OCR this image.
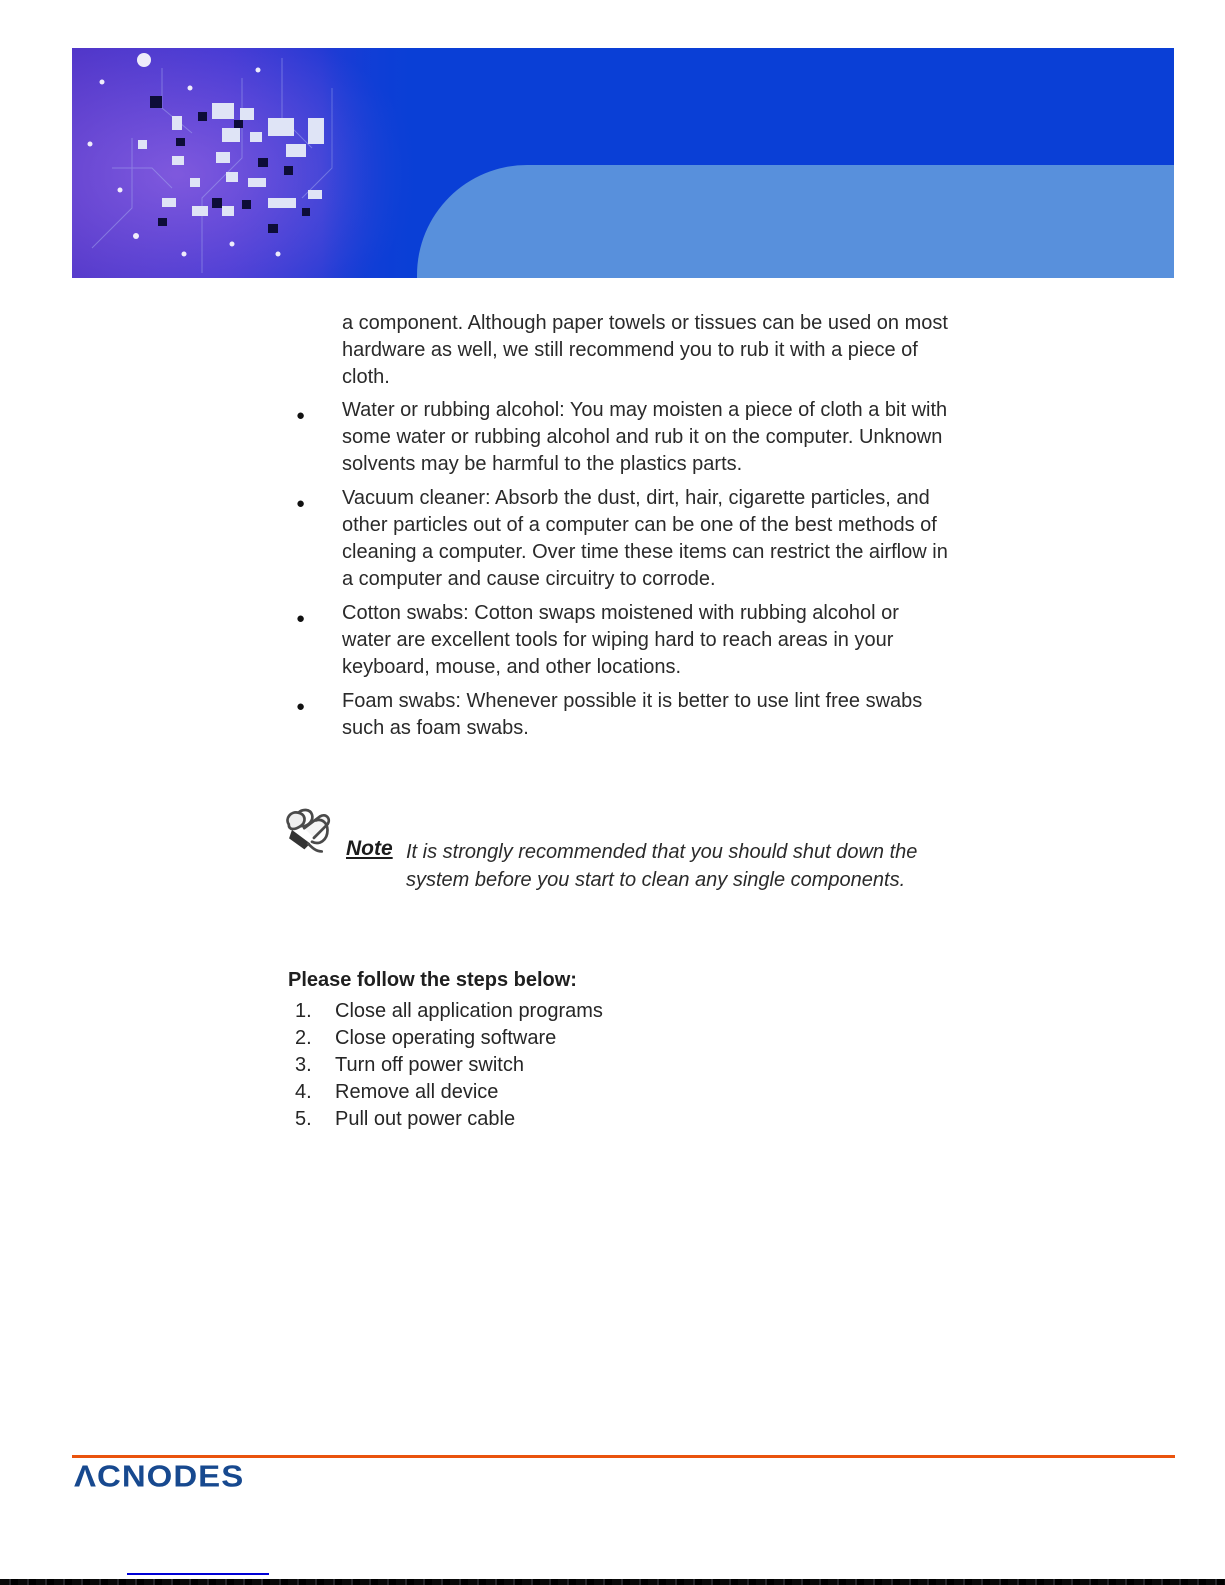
a component. Although paper towels or tissues can be used on most hardware as well, we still recommend you to rub it with a piece of cloth.

● Water or rubbing alcohol: You may moisten a piece of cloth a bit with some water or rubbing alcohol and rub it on the computer. Unknown solvents may be harmful to the plastics parts.
● Vacuum cleaner: Absorb the dust, dirt, hair, cigarette particles, and other particles out of a computer can be one of the best methods of cleaning a computer. Over time these items can restrict the airflow in a computer and cause circuitry to corrode.
● Cotton swabs: Cotton swaps moistened with rubbing alcohol or water are excellent tools for wiping hard to reach areas in your keyboard, mouse, and other locations.
● Foam swabs: Whenever possible it is better to use lint free swabs such as foam swabs.
Note It is strongly recommended that you should shut down the system before you start to clean any single components.
Please follow the steps below:
1. Close all application programs
2. Close operating software
3. Turn off power switch
4. Remove all device
5. Pull out power cable
ΛCNODES
